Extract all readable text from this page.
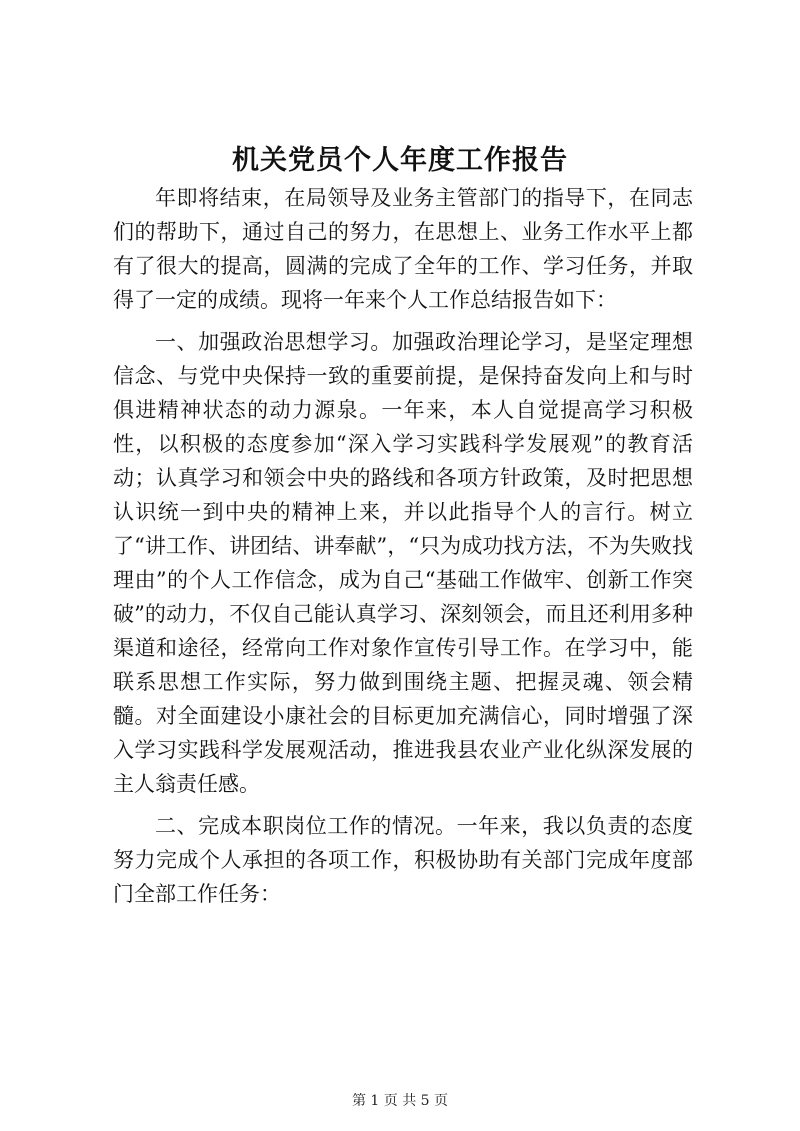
机关党员个人年度工作报告

年即将结束，在局领导及业务主管部门的指导下，在同志们的帮助下，通过自己的努力，在思想上、业务工作水平上都有了很大的提高，圆满的完成了全年的工作、学习任务，并取得了一定的成绩。现将一年来个人工作总结报告如下：

一、加强政治思想学习。加强政治理论学习，是坚定理想信念、与党中央保持一致的重要前提，是保持奋发向上和与时俱进精神状态的动力源泉。一年来，本人自觉提高学习积极性，以积极的态度参加“深入学习实践科学发展观”的教育活动；认真学习和领会中央的路线和各项方针政策，及时把思想认识统一到中央的精神上来，并以此指导个人的言行。树立了“讲工作、讲团结、讲奉献”，“只为成功找方法，不为失败找理由”的个人工作信念，成为自己“基础工作做牢、创新工作突破”的动力，不仅自己能认真学习、深刻领会，而且还利用多种渠道和途径，经常向工作对象作宣传引导工作。在学习中，能联系思想工作实际，努力做到围绕主题、把握灵魂、领会精髓。对全面建设小康社会的目标更加充满信心，同时增强了深入学习实践科学发展观活动，推进我县农业产业化纵深发展的主人翁责任感。

二、完成本职岗位工作的情况。一年来，我以负责的态度努力完成个人承担的各项工作，积极协助有关部门完成年度部门全部工作任务：

第 1 页 共 5 页
